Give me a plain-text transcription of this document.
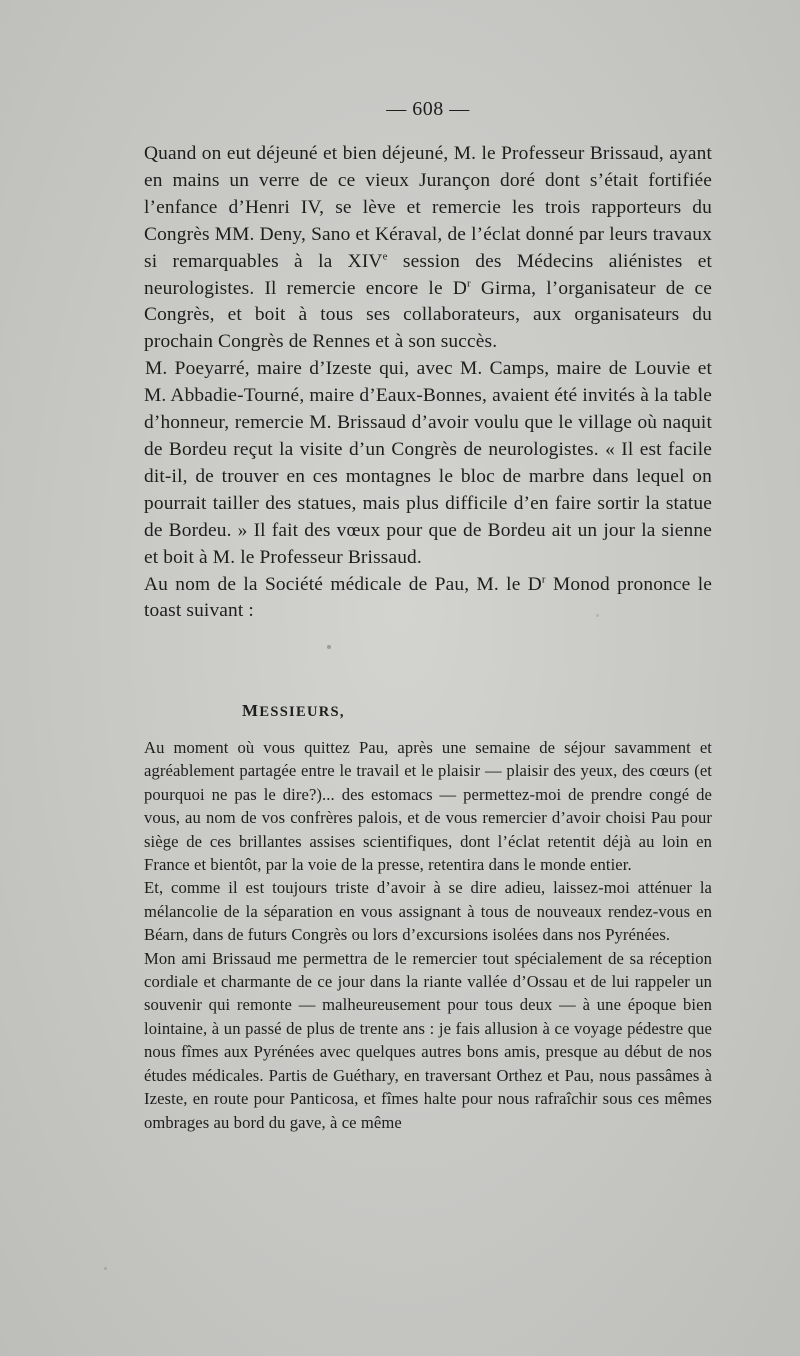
— 608 —

Quand on eut déjeuné et bien déjeuné, M. le Professeur Brissaud, ayant en mains un verre de ce vieux Jurançon doré dont s’était fortifiée l’enfance d’Henri IV, se lève et remercie les trois rapporteurs du Congrès MM. Deny, Sano et Kéraval, de l’éclat donné par leurs travaux si remarquables à la XIVe session des Médecins aliénistes et neurologistes. Il remercie encore le $D^r$ Girma, l’organisateur de ce Congrès, et boit à tous ses collaborateurs, aux organisateurs du prochain Congrès de Rennes et à son succès.

M. Poeyarré, maire d’Izeste qui, avec M. Camps, maire de Louvie et M. Abbadie-Tourné, maire d’Eaux-Bonnes, avaient été invités à la table d’honneur, remercie M. Brissaud d’avoir voulu que le village où naquit de Bordeu reçut la visite d’un Congrès de neurologistes. « Il est facile dit-il, de trouver en ces montagnes le bloc de marbre dans lequel on pourrait tailler des statues, mais plus difficile d’en faire sortir la statue de Bordeu. » Il fait des vœux pour que de Bordeu ait un jour la sienne et boit à M. le Professeur Brissaud.

Au nom de la Société médicale de Pau, M. le $D^r$ Monod prononce le toast suivant :

MESSIEURS,

Au moment où vous quittez Pau, après une semaine de séjour savamment et agréablement partagée entre le travail et le plaisir — plaisir des yeux, des cœurs (et pourquoi ne pas le dire?)... des estomacs — permettez-moi de prendre congé de vous, au nom de vos confrères palois, et de vous remercier d’avoir choisi Pau pour siège de ces brillantes assises scientifiques, dont l’éclat retentit déjà au loin en France et bientôt, par la voie de la presse, retentira dans le monde entier.

Et, comme il est toujours triste d’avoir à se dire adieu, laissez-moi atténuer la mélancolie de la séparation en vous assignant à tous de nouveaux rendez-vous en Béarn, dans de futurs Congrès ou lors d’excursions isolées dans nos Pyrénées.

Mon ami Brissaud me permettra de le remercier tout spécialement de sa réception cordiale et charmante de ce jour dans la riante vallée d’Ossau et de lui rappeler un souvenir qui remonte — malheureusement pour tous deux — à une époque bien lointaine, à un passé de plus de trente ans : je fais allusion à ce voyage pédestre que nous fîmes aux Pyrénées avec quelques autres bons amis, presque au début de nos études médicales. Partis de Guéthary, en traversant Orthez et Pau, nous passâmes à Izeste, en route pour Panticosa, et fîmes halte pour nous rafraîchir sous ces mêmes ombrages au bord du gave, à ce même
